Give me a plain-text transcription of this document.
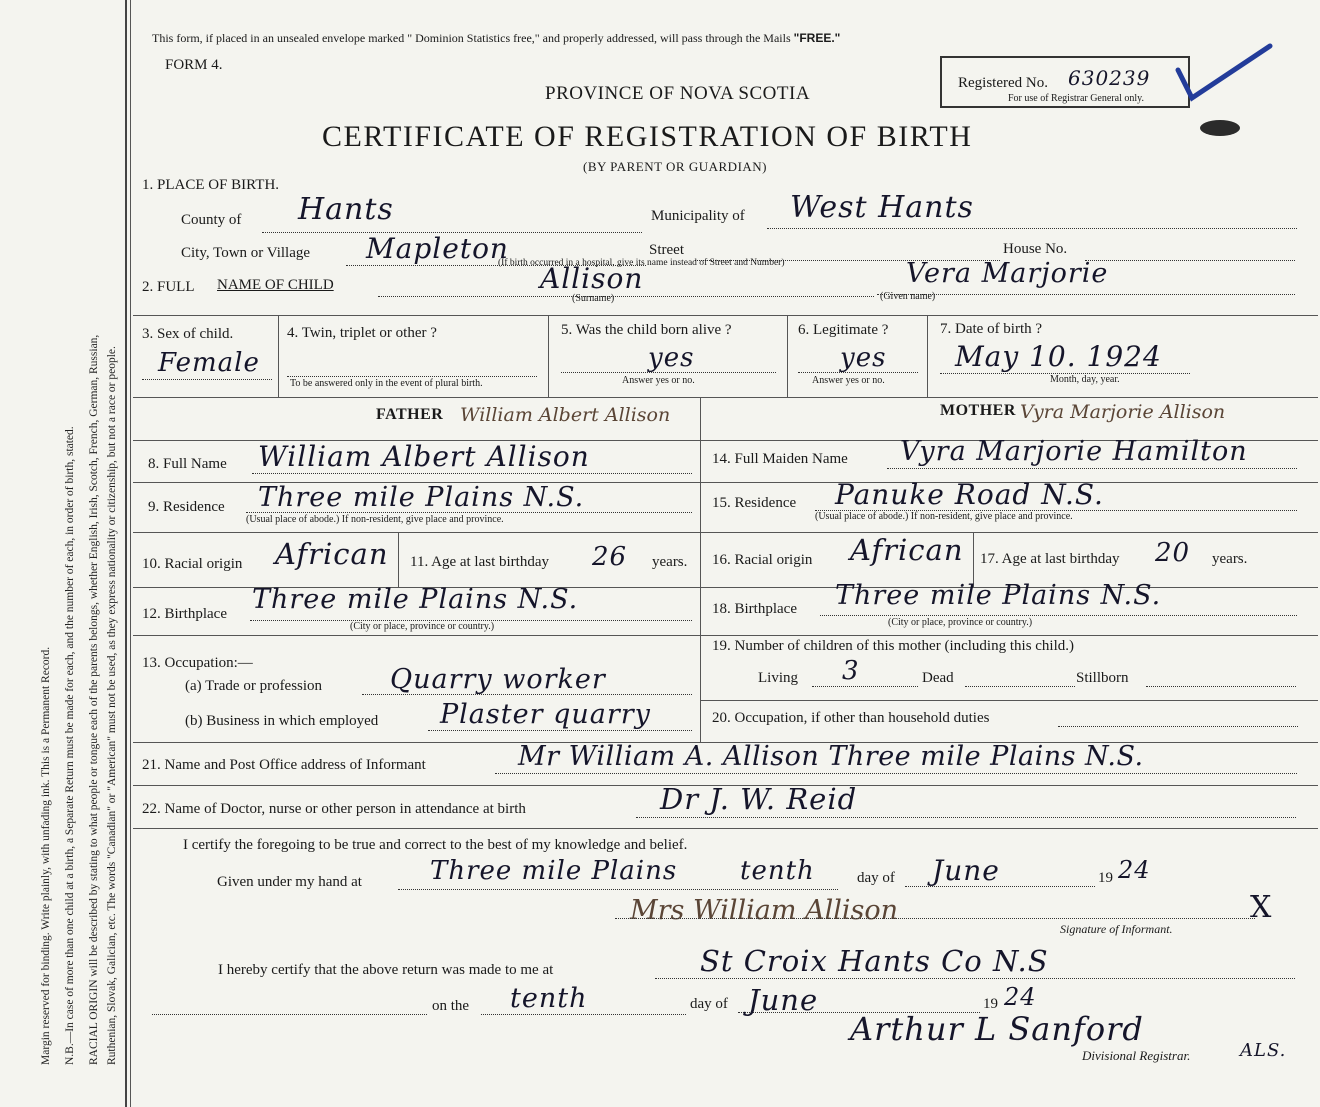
Margin reserved for binding. Write plainly, with unfading ink. This is a Permanent Record. N.B.—In case of more than one child at a birth, a Separate Return must be made for each, and the number of each, in order of birth, stated. RACIAL ORIGIN will be described by stating to what people or tongue each of the parents belongs, whether English, Irish, Scotch, French, German, Russian, Ruthenian, Slovak, Galician, etc. The words "Canadian" or "American" must not be used, as they express nationality or citizenship, but not a race or people.
This form, if placed in an unsealed envelope marked " Dominion Statistics free," and properly addressed, will pass through the Mails "FREE."
FORM 4.
PROVINCE OF NOVA SCOTIA
CERTIFICATE OF REGISTRATION OF BIRTH
(BY PARENT OR GUARDIAN)
Registered No. 630239
For use of Registrar General only.
1. PLACE OF BIRTH.
County of Hants	Municipality of West Hants
City, Town or Village Mapleton	Street	House No.
(If birth occurred in a hospital, give its name instead of Street and Number)
2. FULL NAME OF CHILD	Allison
(Surname)
Vera Marjorie
(Given name)
3. Sex of child.
Female
4. Twin, triplet or other ?
To be answered only in the event of plural birth.
5. Was the child born alive ?
yes
Answer yes or no.
6. Legitimate ?
yes
Answer yes or no.
7. Date of birth ?
May 10. 1924
Month, day, year.
FATHER William Albert Allison
8. Full Name William Albert Allison
9. Residence Three mile Plains N.S.
(Usual place of abode.) If non-resident, give place and province.
10. Racial origin African 11. Age at last birthday 26 years.
12. Birthplace Three mile Plains N.S.
(City or place, province or country.)
13. Occupation:—
(a) Trade or profession	Quarry worker
(b) Business in which employed Plaster quarry
MOTHER Vyra Marjorie Allison
14. Full Maiden Name Vyra Marjorie Hamilton
15. Residence Panuke Road N.S.
(Usual place of abode.) If non-resident, give place and province.
16. Racial origin African 17. Age at last birthday 20 years.
18. Birthplace Three mile Plains N.S.
(City or place, province or country.)
19. Number of children of this mother (including this child.)
Living 3	Dead	Stillborn
20. Occupation, if other than household duties
21. Name and Post Office address of Informant	Mr William A. Allison Three mile Plains N.S.
22. Name of Doctor, nurse or other person in attendance at birth	Dr J. W. Reid
I certify the foregoing to be true and correct to the best of my knowledge and belief.
Given under my hand at	Three mile Plains tenth	day of June	19 24
Mrs William Allison	X
Signature of Informant.
I hereby certify that the above return was made to me at	St Croix Hants Co N.S
on the tenth	day of June	19 24
Arthur L Sanford
Divisional Registrar.	ALS.
